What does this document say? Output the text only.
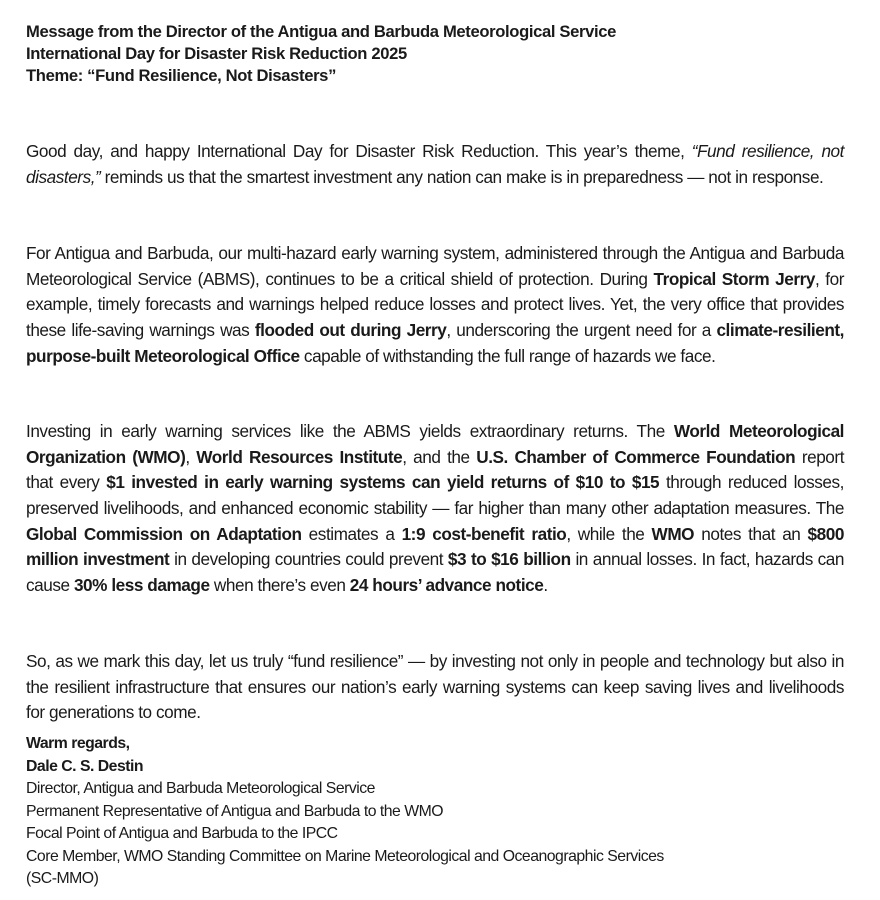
Message from the Director of the Antigua and Barbuda Meteorological Service
International Day for Disaster Risk Reduction 2025
Theme: “Fund Resilience, Not Disasters”

Good day, and happy International Day for Disaster Risk Reduction. This year’s theme, “Fund resilience, not disasters,” reminds us that the smartest investment any nation can make is in preparedness — not in response.

For Antigua and Barbuda, our multi-hazard early warning system, administered through the Antigua and Barbuda Meteorological Service (ABMS), continues to be a critical shield of protection. During Tropical Storm Jerry, for example, timely forecasts and warnings helped reduce losses and protect lives. Yet, the very office that provides these life-saving warnings was flooded out during Jerry, underscoring the urgent need for a climate-resilient, purpose-built Meteorological Office capable of withstanding the full range of hazards we face.

Investing in early warning services like the ABMS yields extraordinary returns. The World Meteorological Organization (WMO), World Resources Institute, and the U.S. Chamber of Commerce Foundation report that every $1 invested in early warning systems can yield returns of $10 to $15 through reduced losses, preserved livelihoods, and enhanced economic stability — far higher than many other adaptation measures. The Global Commission on Adaptation estimates a 1:9 cost-benefit ratio, while the WMO notes that an $800 million investment in developing countries could prevent $3 to $16 billion in annual losses. In fact, hazards can cause 30% less damage when there’s even 24 hours’ advance notice.

So, as we mark this day, let us truly “fund resilience” — by investing not only in people and technology but also in the resilient infrastructure that ensures our nation’s early warning systems can keep saving lives and livelihoods for generations to come.

Warm regards,
Dale C. S. Destin
Director, Antigua and Barbuda Meteorological Service
Permanent Representative of Antigua and Barbuda to the WMO
Focal Point of Antigua and Barbuda to the IPCC
Core Member, WMO Standing Committee on Marine Meteorological and Oceanographic Services
(SC-MMO)
